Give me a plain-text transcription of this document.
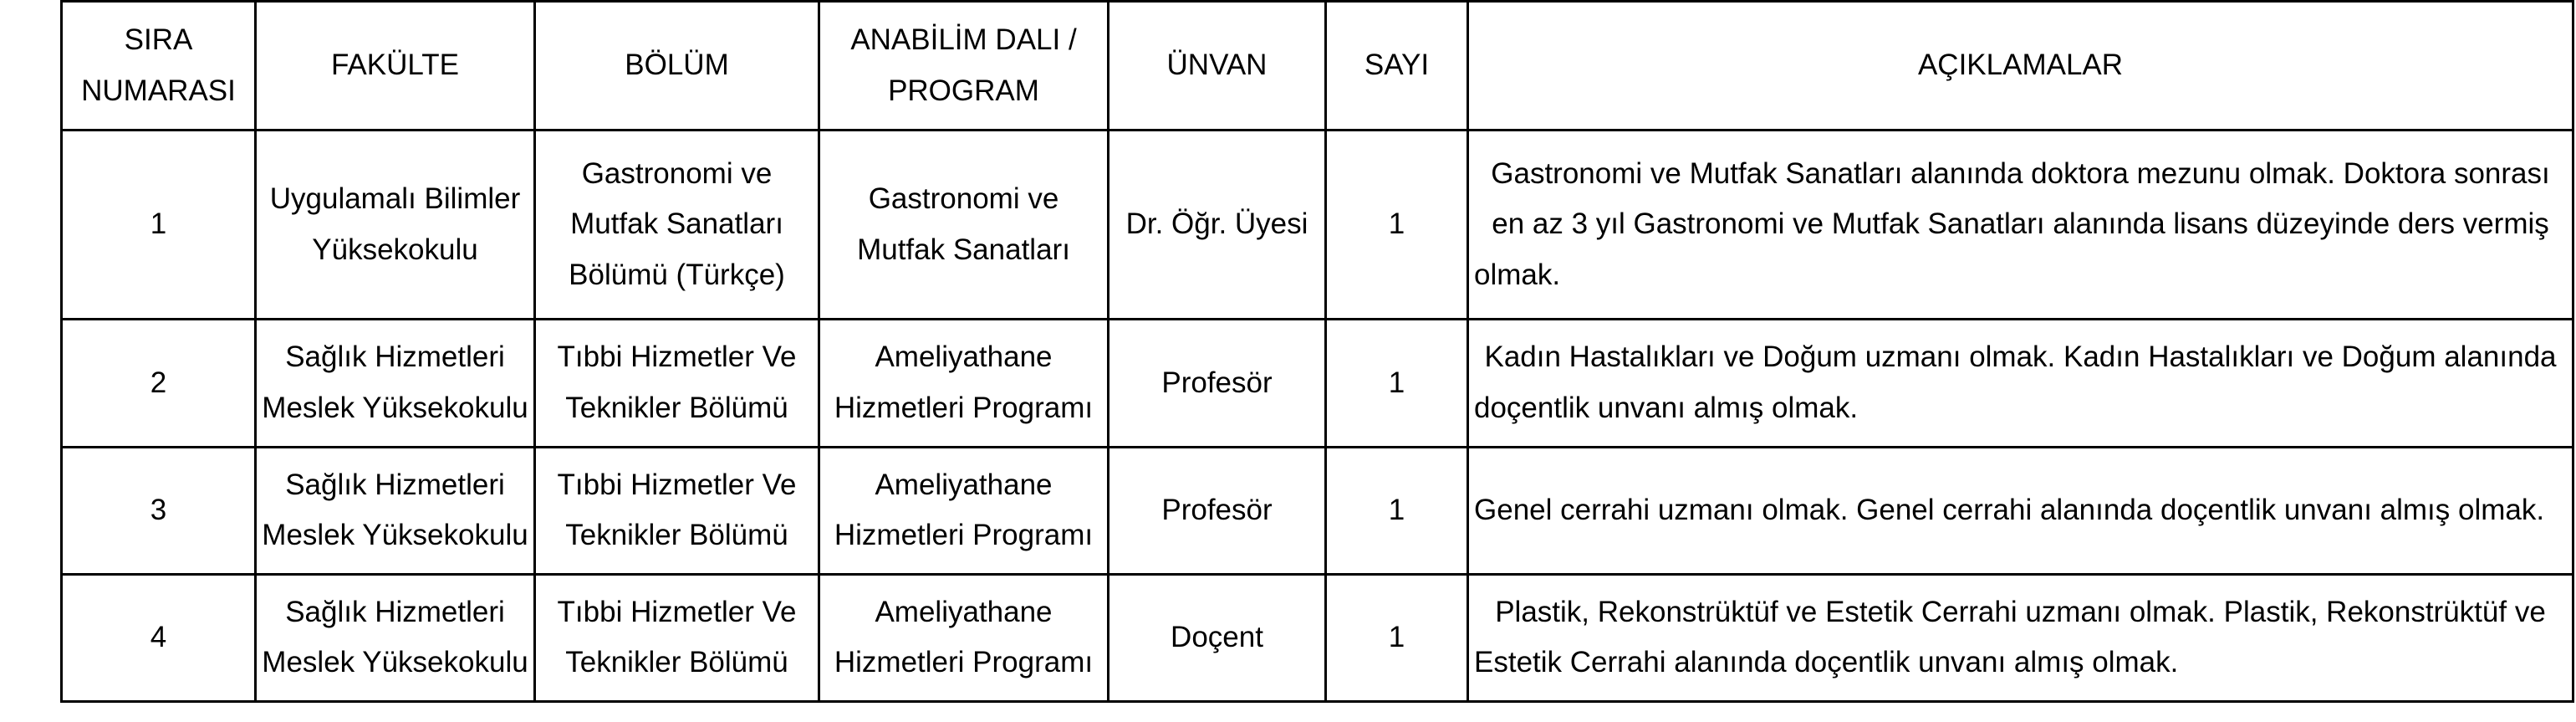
SIRA NUMARASI	FAKÜLTE	BÖLÜM	ANABİLİM DALI / PROGRAM	ÜNVAN	SAYI	AÇIKLAMALAR
1	Uygulamalı Bilimler Yüksekokulu	Gastronomi ve Mutfak Sanatları Bölümü (Türkçe)	Gastronomi ve Mutfak Sanatları	Dr. Öğr. Üyesi	1	Gastronomi ve Mutfak Sanatları alanında doktora mezunu olmak. Doktora sonrası en az 3 yıl Gastronomi ve Mutfak Sanatları alanında lisans düzeyinde ders vermiş olmak.
2	Sağlık Hizmetleri Meslek Yüksekokulu	Tıbbi Hizmetler Ve Teknikler Bölümü	Ameliyathane Hizmetleri Programı	Profesör	1	Kadın Hastalıkları ve Doğum uzmanı olmak. Kadın Hastalıkları ve Doğum alanında doçentlik unvanı almış olmak.
3	Sağlık Hizmetleri Meslek Yüksekokulu	Tıbbi Hizmetler Ve Teknikler Bölümü	Ameliyathane Hizmetleri Programı	Profesör	1	Genel cerrahi uzmanı olmak. Genel cerrahi alanında doçentlik unvanı almış olmak.
4	Sağlık Hizmetleri Meslek Yüksekokulu	Tıbbi Hizmetler Ve Teknikler Bölümü	Ameliyathane Hizmetleri Programı	Doçent	1	Plastik, Rekonstrüktüf ve Estetik Cerrahi uzmanı olmak. Plastik, Rekonstrüktüf ve Estetik Cerrahi alanında doçentlik unvanı almış olmak.
